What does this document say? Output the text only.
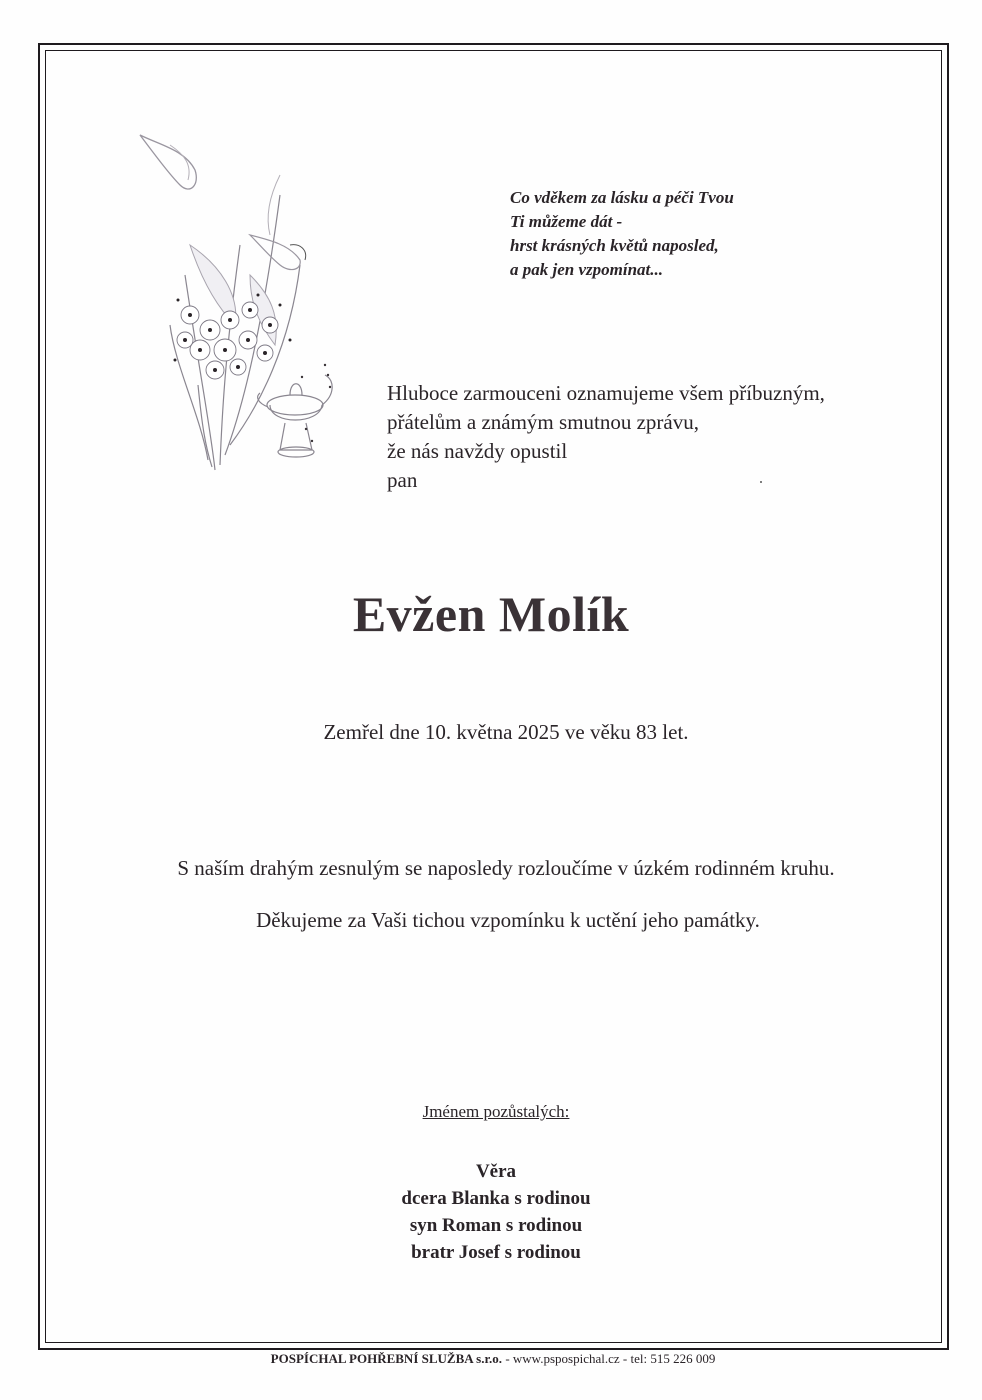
Co vděkem za lásku a péči Tvou
Ti můžeme dát -
hrst krásných květů naposled,
a pak jen vzpomínat...
Hluboce zarmouceni oznamujeme všem příbuzným,
přátelům a známým smutnou zprávu,
že nás navždy opustil
pan
Evžen Molík
Zemřel dne 10. května 2025 ve věku 83 let.
S naším drahým zesnulým se naposledy rozloučíme v úzkém rodinném kruhu.
Děkujeme za Vaši tichou vzpomínku k uctění jeho památky.
Jménem pozůstalých:
Věra
dcera Blanka s rodinou
syn Roman s rodinou
bratr Josef s rodinou
POSPÍCHAL POHŘEBNÍ SLUŽBA s.r.o. - www.pspospichal.cz - tel: 515 226 009
